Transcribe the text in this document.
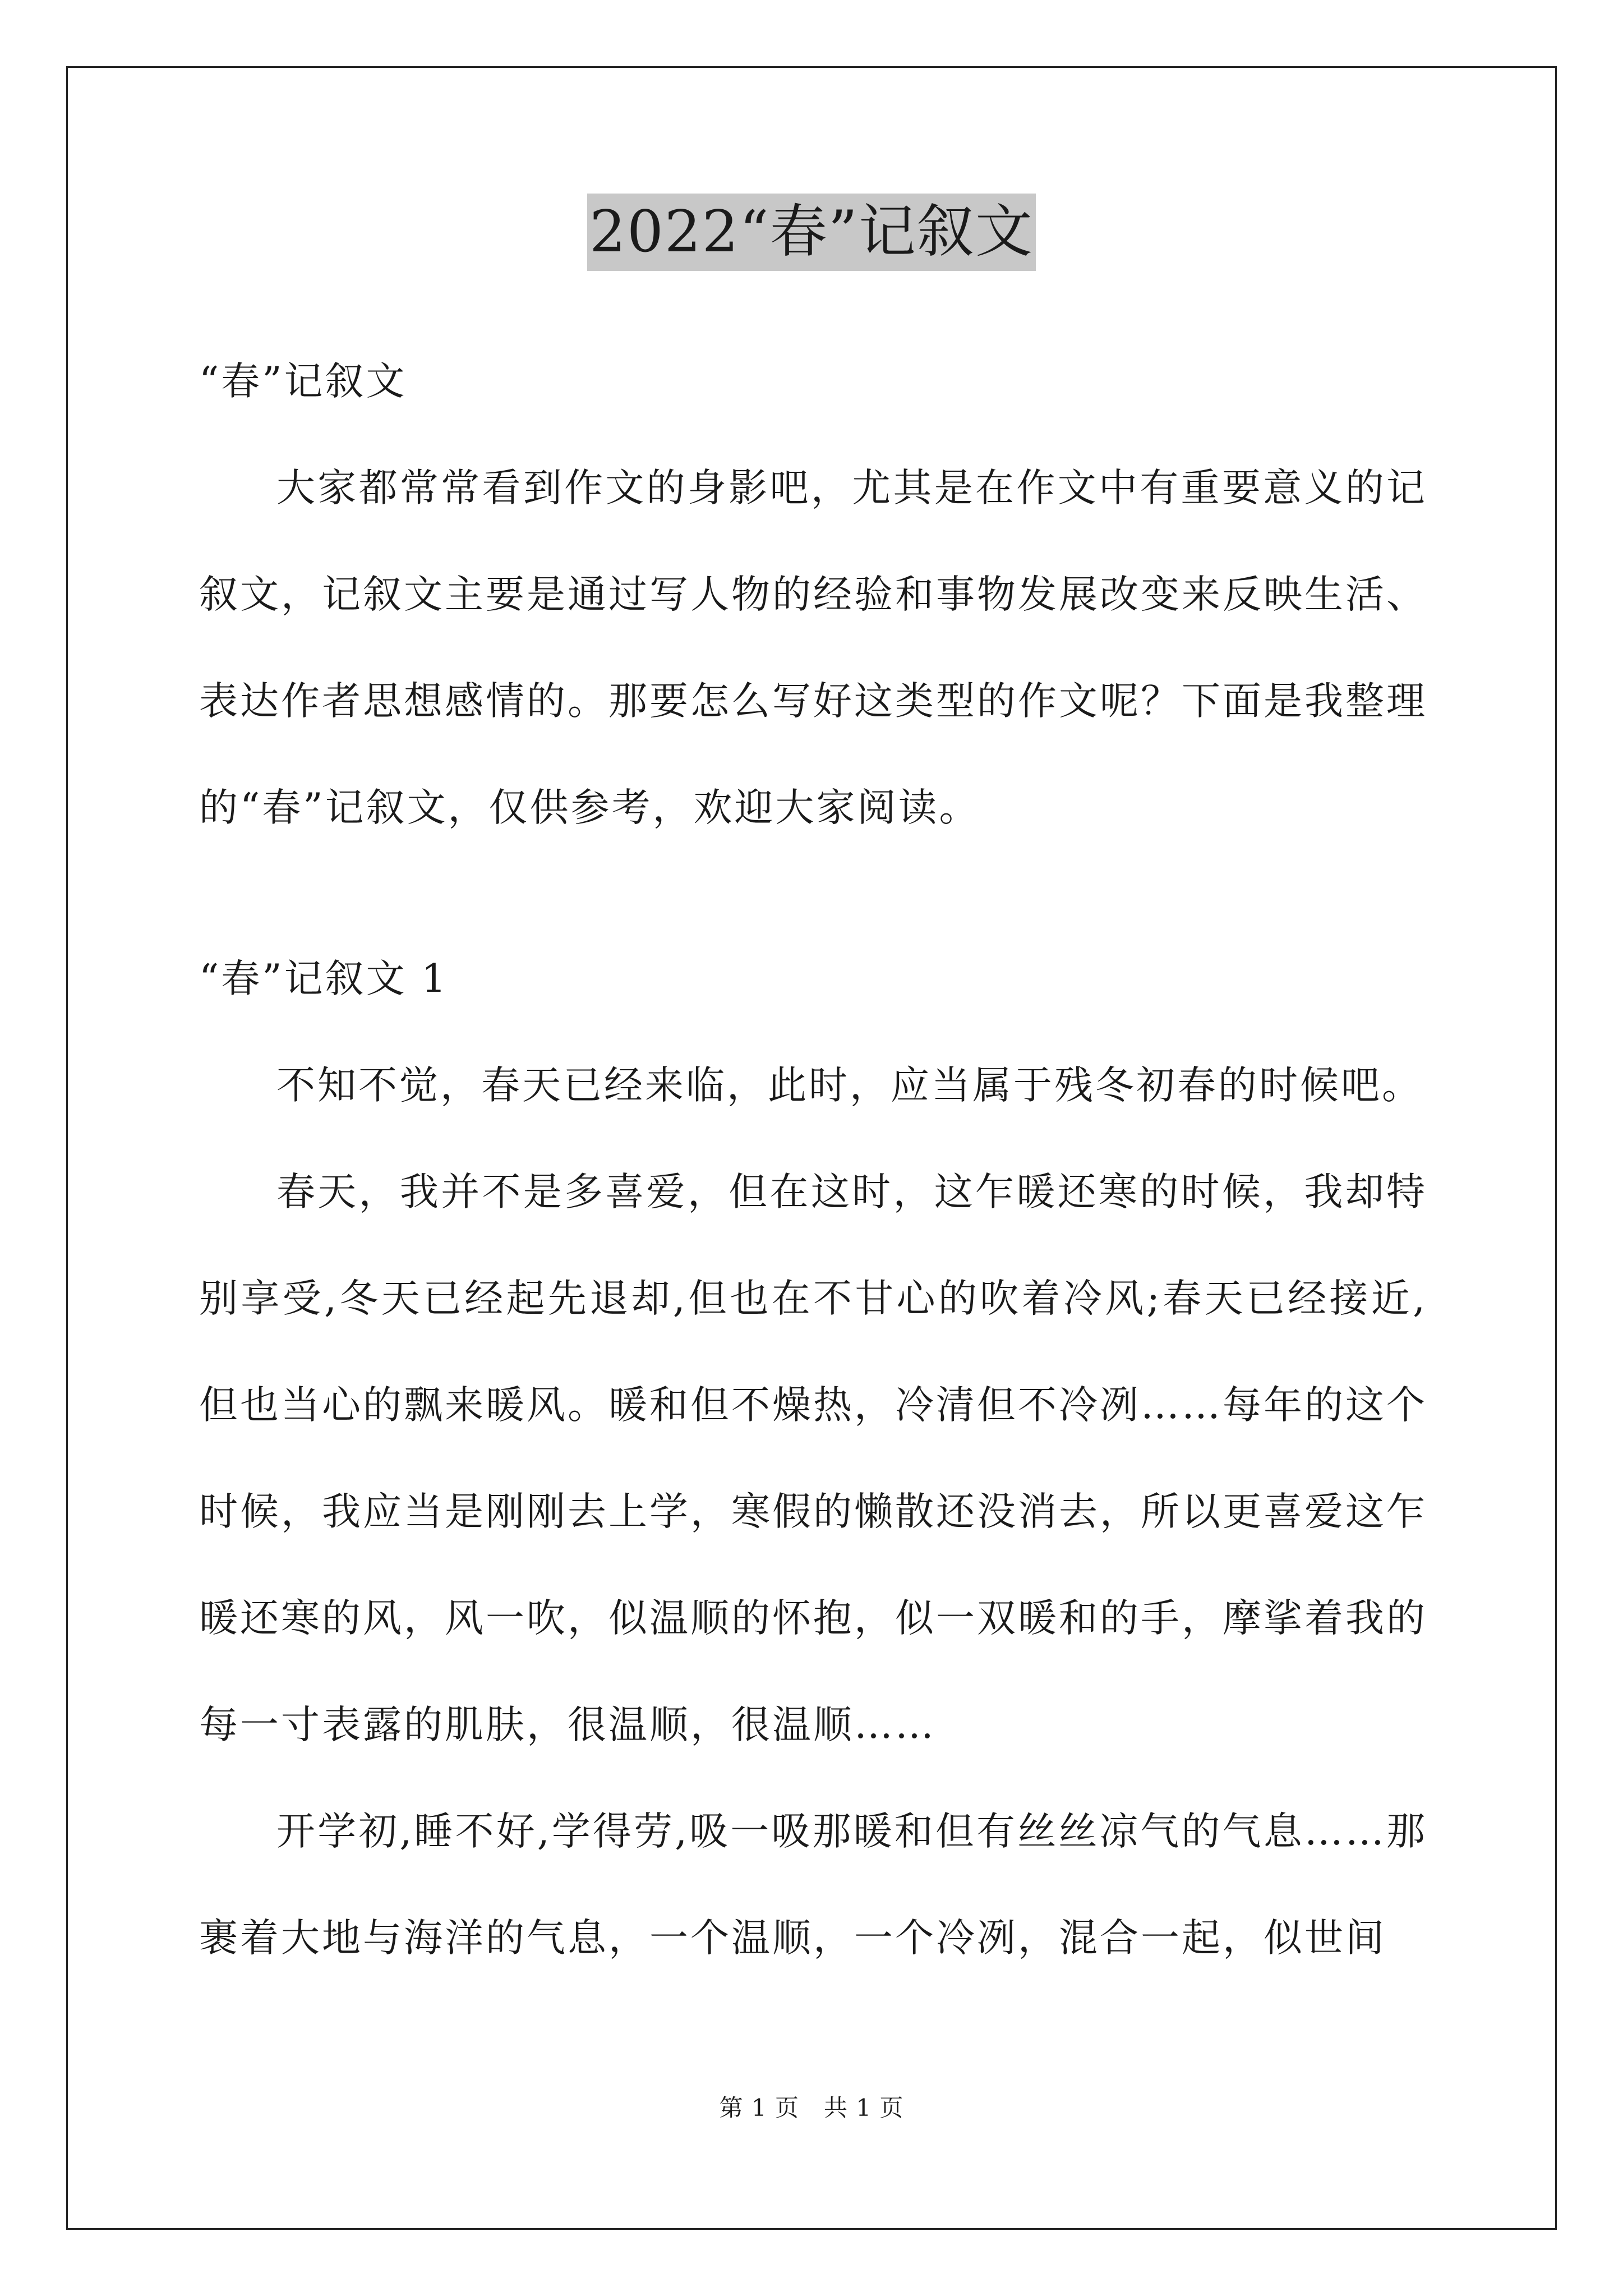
2022“春”记叙文

“春”记叙文

大家都常常看到作文的身影吧，尤其是在作文中有重要意义的记叙文，记叙文主要是通过写人物的经验和事物发展改变来反映生活、表达作者思想感情的。那要怎么写好这类型的作文呢？下面是我整理的“春”记叙文，仅供参考，欢迎大家阅读。

“春”记叙文 1

不知不觉，春天已经来临，此时，应当属于残冬初春的时候吧。

春天，我并不是多喜爱，但在这时，这乍暖还寒的时候，我却特别享受,冬天已经起先退却,但也在不甘心的吹着冷风;春天已经接近,但也当心的飘来暖风。暖和但不燥热，冷清但不冷冽……每年的这个时候，我应当是刚刚去上学，寒假的懒散还没消去，所以更喜爱这乍暖还寒的风，风一吹，似温顺的怀抱，似一双暖和的手，摩挲着我的每一寸表露的肌肤，很温顺，很温顺……

开学初,睡不好,学得劳,吸一吸那暖和但有丝丝凉气的气息……那裹着大地与海洋的气息，一个温顺，一个冷冽，混合一起，似世间

第 1 页 共 1 页
